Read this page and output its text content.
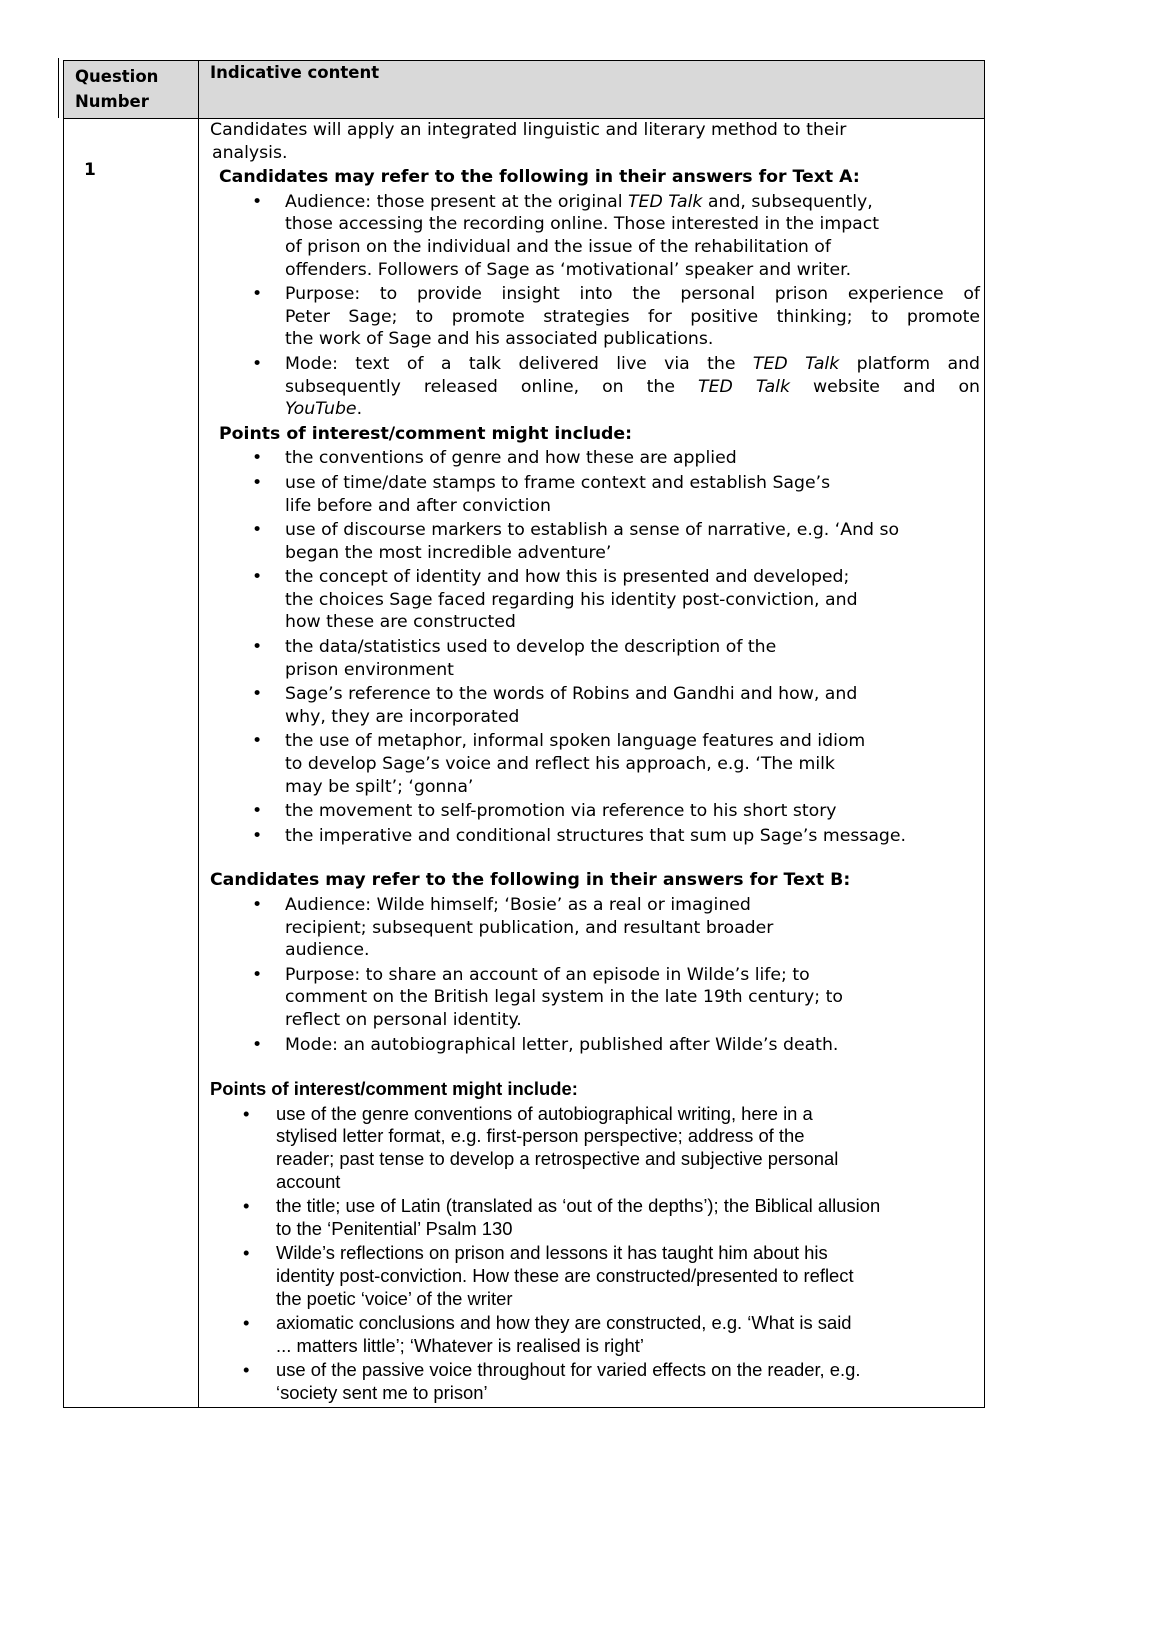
Question
Number
Indicative content
1
Candidates will apply an integrated linguistic and literary method to their
analysis.
Candidates may refer to the following in their answers for Text A:
• Audience: those present at the original TED Talk and, subsequently,
those accessing the recording online. Those interested in the impact
of prison on the individual and the issue of the rehabilitation of
offenders. Followers of Sage as ‘motivational’ speaker and writer.
• Purpose: to provide insight into the personal prison experience of
Peter Sage; to promote strategies for positive thinking; to promote
the work of Sage and his associated publications.
• Mode: text of a talk delivered live via the TED Talk platform and
subsequently released online, on the TED Talk website and on
YouTube.
Points of interest/comment might include:
• the conventions of genre and how these are applied
• use of time/date stamps to frame context and establish Sage’s
life before and after conviction
• use of discourse markers to establish a sense of narrative, e.g. ‘And so
began the most incredible adventure’
• the concept of identity and how this is presented and developed;
the choices Sage faced regarding his identity post-conviction, and
how these are constructed
• the data/statistics used to develop the description of the
prison environment
• Sage’s reference to the words of Robins and Gandhi and how, and
why, they are incorporated
• the use of metaphor, informal spoken language features and idiom
to develop Sage’s voice and reflect his approach, e.g. ‘The milk
may be spilt’; ‘gonna’
• the movement to self-promotion via reference to his short story
• the imperative and conditional structures that sum up Sage’s message.
Candidates may refer to the following in their answers for Text B:
• Audience: Wilde himself; ‘Bosie’ as a real or imagined
recipient; subsequent publication, and resultant broader
audience.
• Purpose: to share an account of an episode in Wilde’s life; to
comment on the British legal system in the late 19th century; to
reflect on personal identity.
• Mode: an autobiographical letter, published after Wilde’s death.
Points of interest/comment might include:
• use of the genre conventions of autobiographical writing, here in a
stylised letter format, e.g. first-person perspective; address of the
reader; past tense to develop a retrospective and subjective personal
account
• the title; use of Latin (translated as ‘out of the depths’); the Biblical allusion
to the ‘Penitential’ Psalm 130
• Wilde’s reflections on prison and lessons it has taught him about his
identity post-conviction. How these are constructed/presented to reflect
the poetic ‘voice’ of the writer
• axiomatic conclusions and how they are constructed, e.g. ‘What is said
... matters little’; ‘Whatever is realised is right’
• use of the passive voice throughout for varied effects on the reader, e.g.
‘society sent me to prison’
